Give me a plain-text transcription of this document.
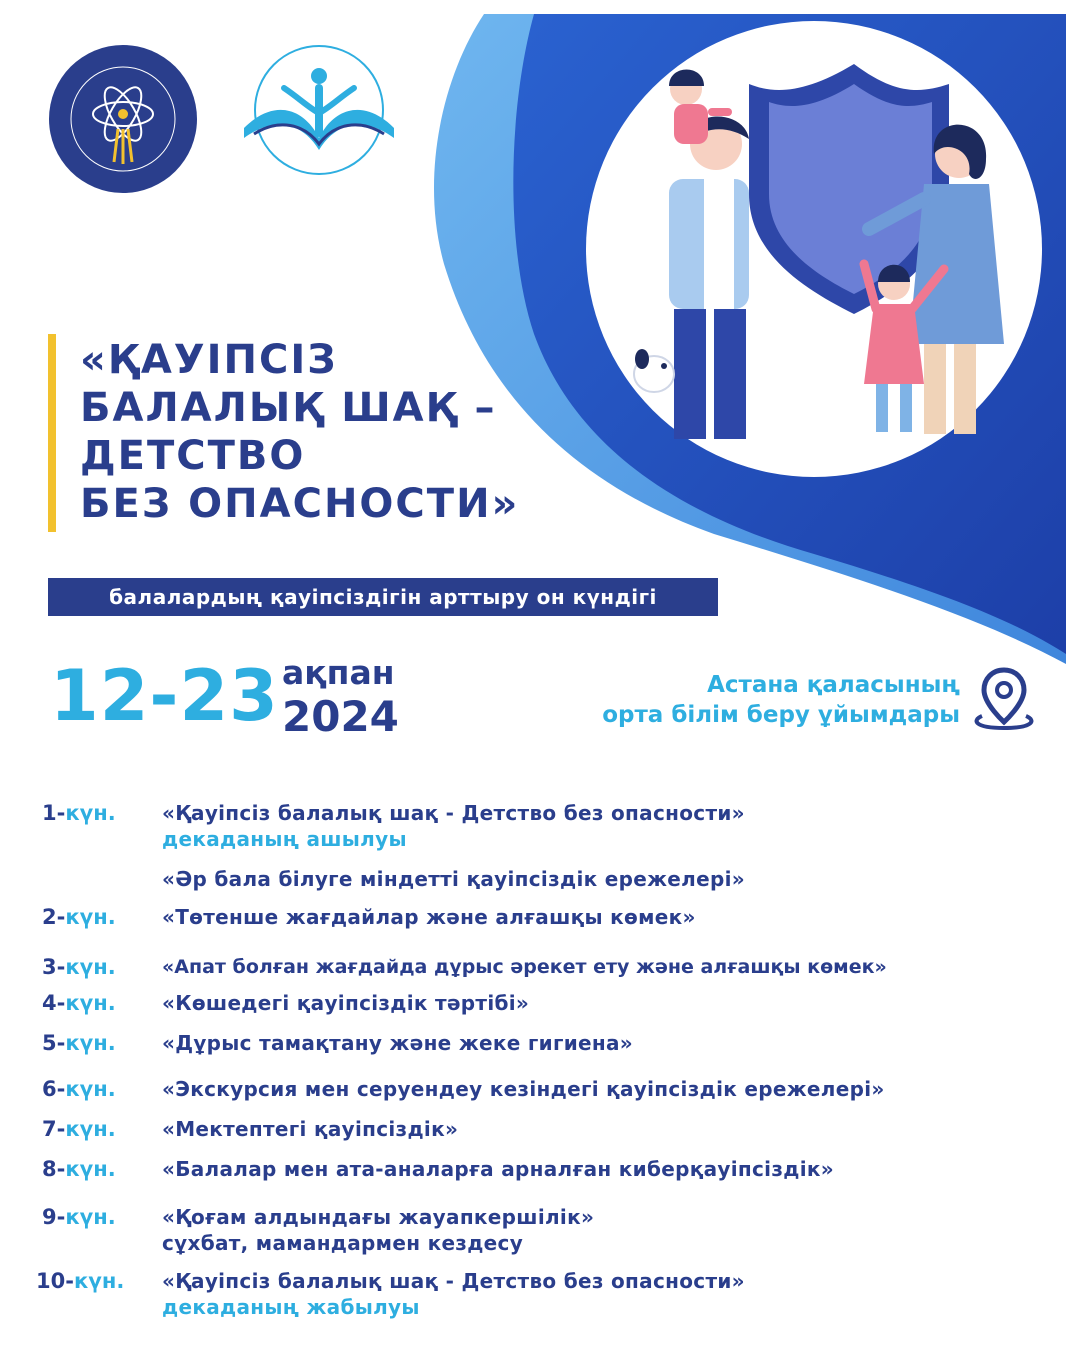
«ҚАУІПСІЗ
БАЛАЛЫҚ ШАҚ –
ДЕТСТВО
БЕЗ ОПАСНОСТИ»
балалардың қауіпсіздігін арттыру он күндігі
12-23 ақпан
2024
Астана қаласының
орта білім беру ұйымдары
1-күн. «Қауіпсіз балалық шақ - Детство без опасности»
декаданың ашылуы
«Әр бала білуге міндетті қауіпсіздік ережелері»
2-күн. «Төтенше жағдайлар және алғашқы көмек»
3-күн. «Апат болған жағдайда дұрыс әрекет ету және алғашқы көмек»
4-күн. «Көшедегі қауіпсіздік тәртібі»
5-күн. «Дұрыс тамақтану және жеке гигиена»
6-күн. «Экскурсия мен серуендеу кезіндегі қауіпсіздік ережелері»
7-күн. «Мектептегі қауіпсіздік»
8-күн. «Балалар мен ата-аналарға арналған киберқауіпсіздік»
9-күн. «Қоғам алдындағы жауапкершілік»
сұхбат, мамандармен кездесу
10-күн. «Қауіпсіз балалық шақ - Детство без опасности»
декаданың жабылуы
